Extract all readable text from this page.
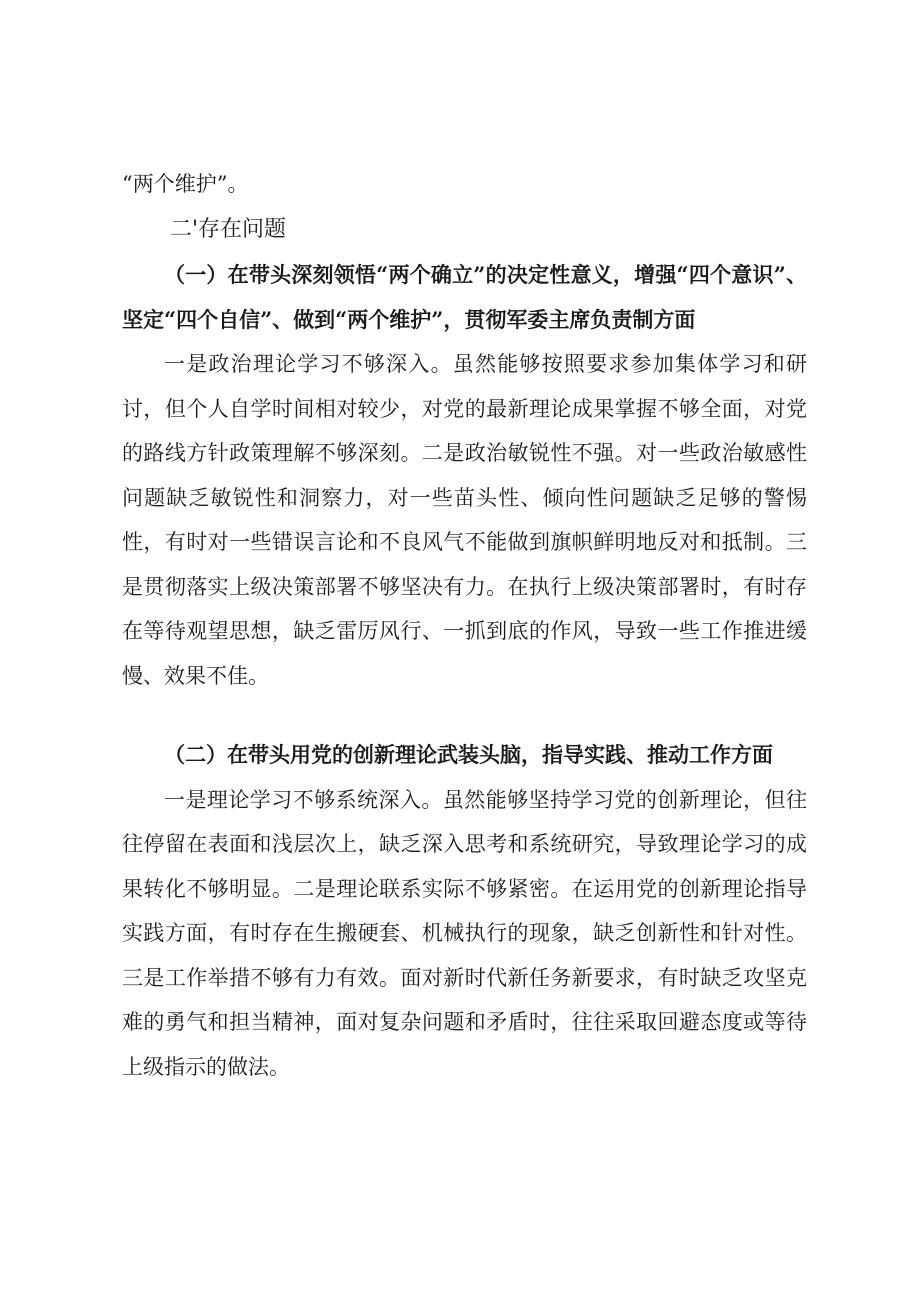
“两个维护”。

二'存在问题

（一）在带头深刻领悟“两个确立”的决定性意义，增强“四个意识”、坚定“四个自信”、做到“两个维护”，贯彻军委主席负责制方面

一是政治理论学习不够深入。虽然能够按照要求参加集体学习和研讨，但个人自学时间相对较少，对党的最新理论成果掌握不够全面，对党的路线方针政策理解不够深刻。二是政治敏锐性不强。对一些政治敏感性问题缺乏敏锐性和洞察力，对一些苗头性、倾向性问题缺乏足够的警惕性，有时对一些错误言论和不良风气不能做到旗帜鲜明地反对和抵制。三是贯彻落实上级决策部署不够坚决有力。在执行上级决策部署时，有时存在等待观望思想，缺乏雷厉风行、一抓到底的作风，导致一些工作推进缓慢、效果不佳。

（二）在带头用党的创新理论武装头脑，指导实践、推动工作方面

一是理论学习不够系统深入。虽然能够坚持学习党的创新理论，但往往停留在表面和浅层次上，缺乏深入思考和系统研究，导致理论学习的成果转化不够明显。二是理论联系实际不够紧密。在运用党的创新理论指导实践方面，有时存在生搬硬套、机械执行的现象，缺乏创新性和针对性。三是工作举措不够有力有效。面对新时代新任务新要求，有时缺乏攻坚克难的勇气和担当精神，面对复杂问题和矛盾时，往往采取回避态度或等待上级指示的做法。
